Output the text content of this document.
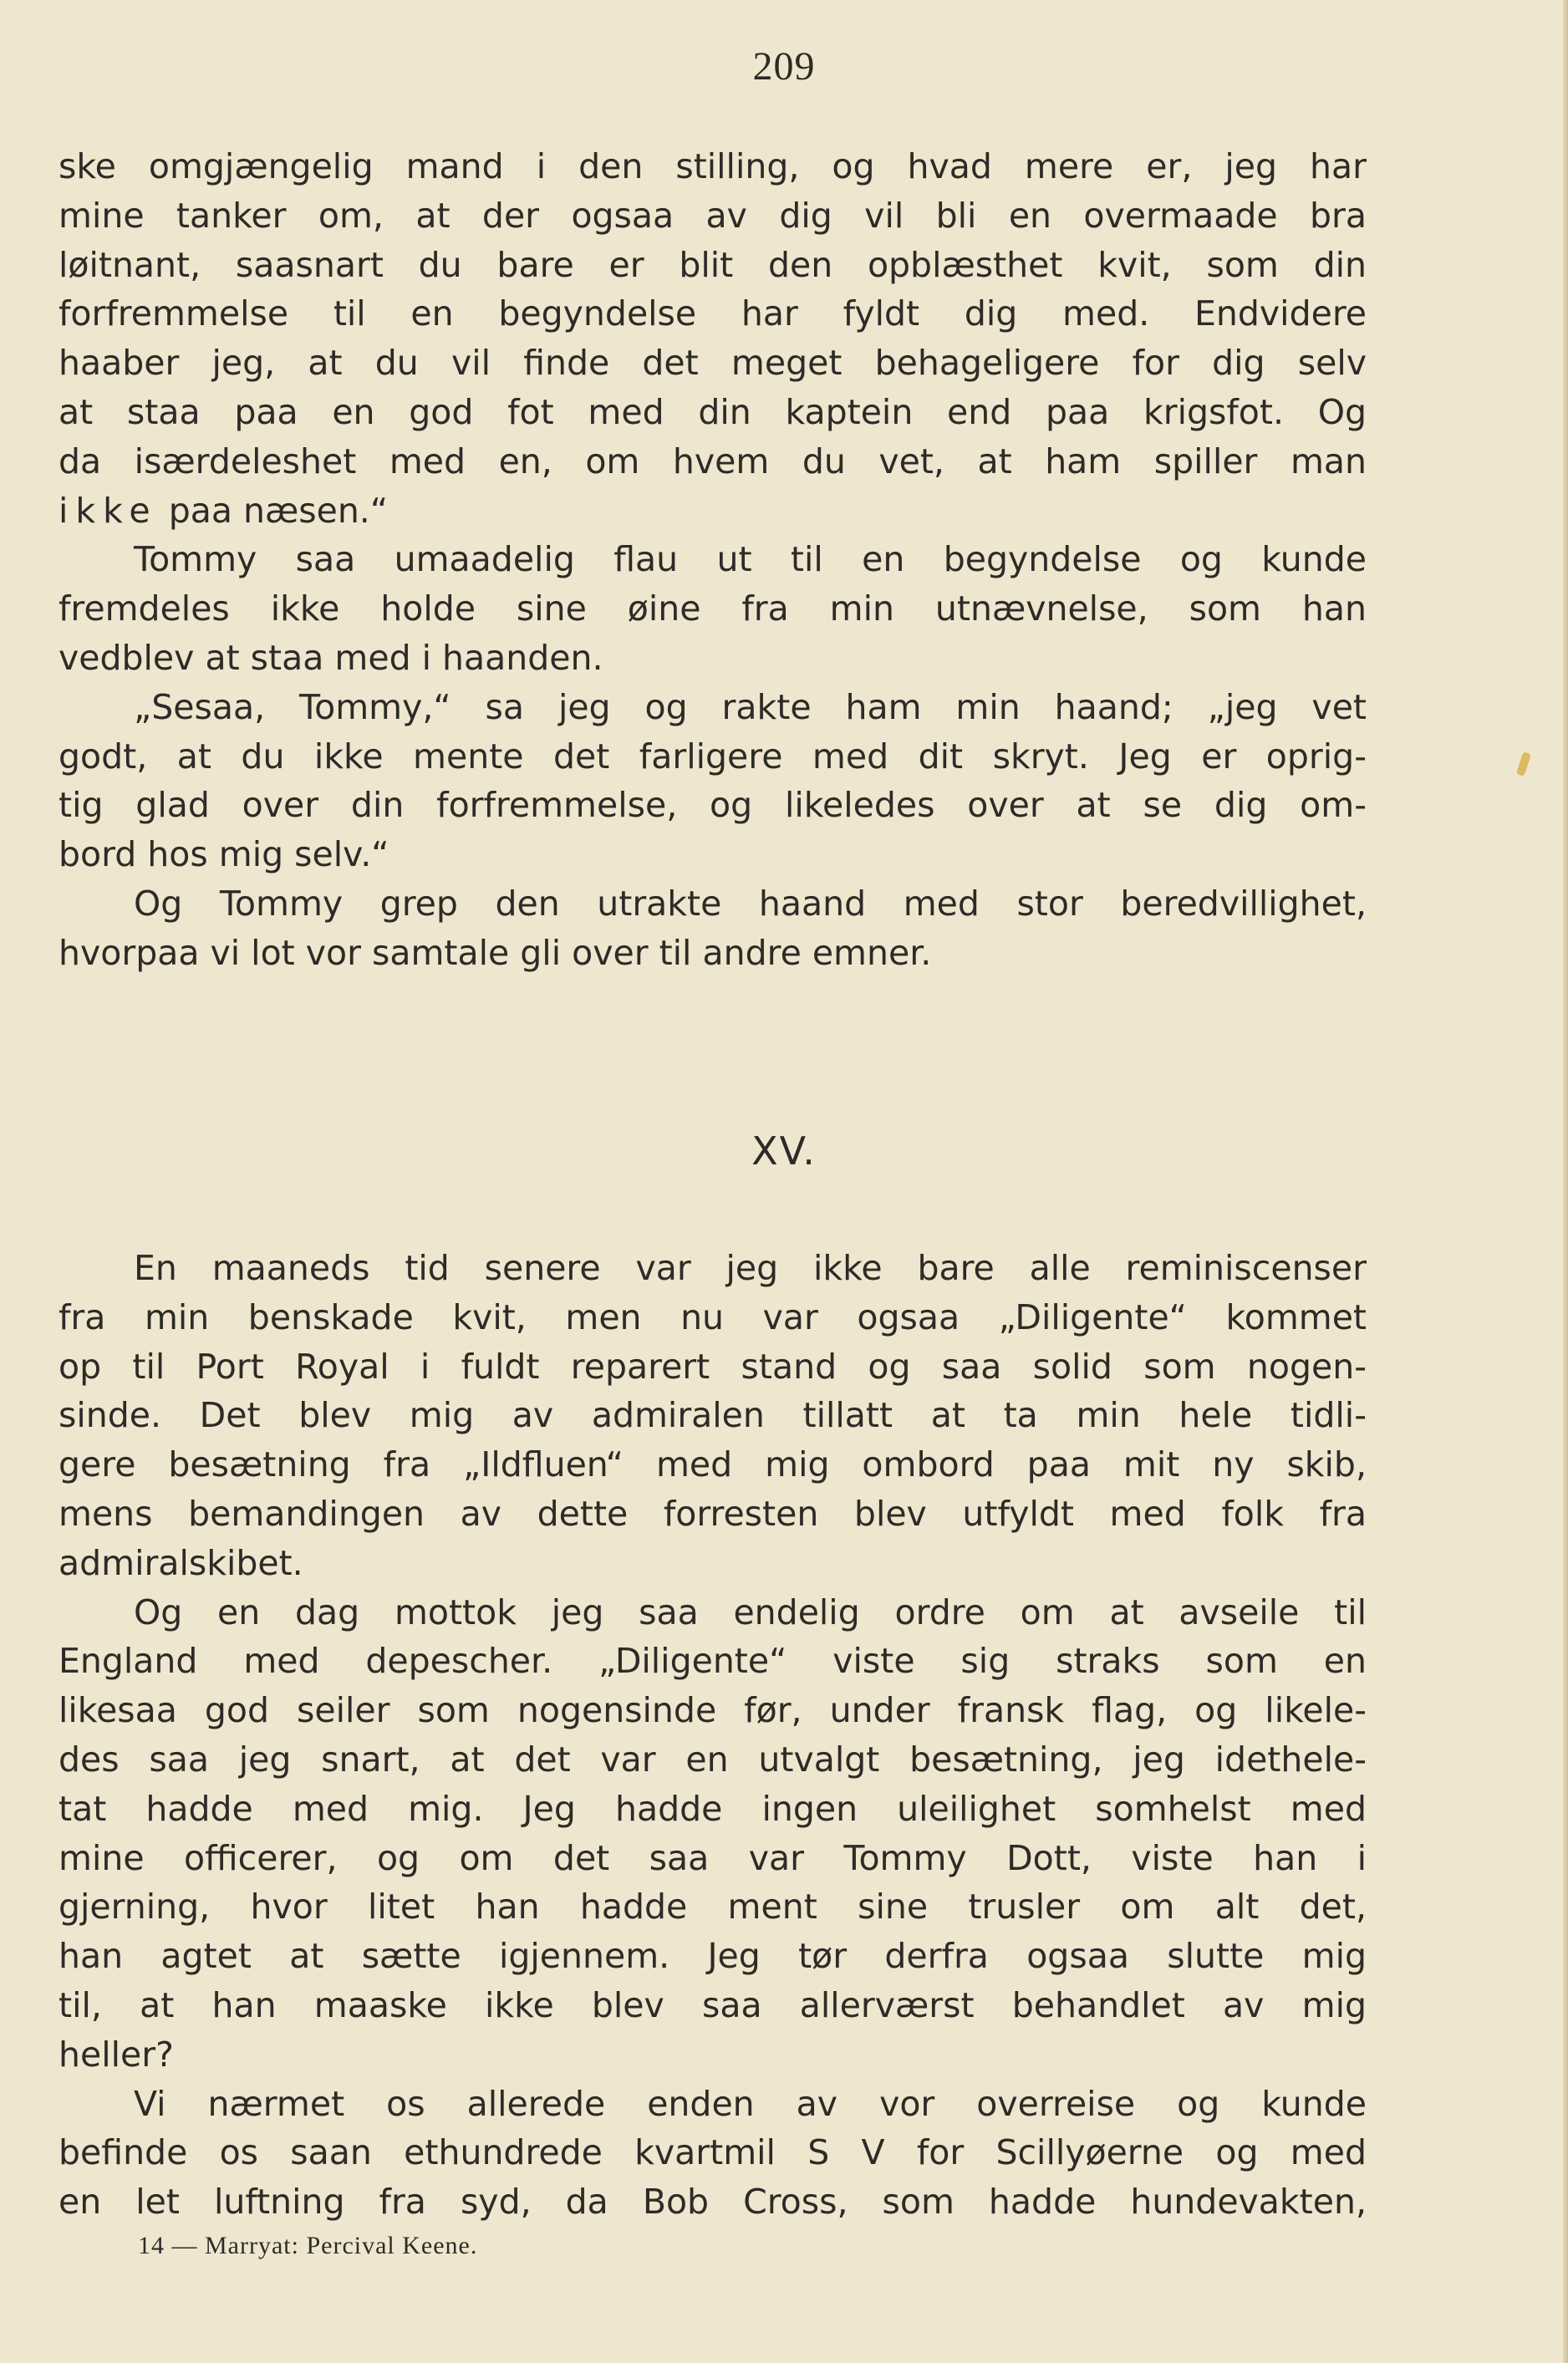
209
ske omgjængelig mand i den stilling, og hvad mere er, jeg har
mine tanker om, at der ogsaa av dig vil bli en overmaade bra
løitnant, saasnart du bare er blit den opblæsthet kvit, som din
forfremmelse til en begyndelse har fyldt dig med. Endvidere
haaber jeg, at du vil finde det meget behageligere for dig selv
at staa paa en god fot med din kaptein end paa krigsfot. Og
da isærdeleshet med en, om hvem du vet, at ham spiller man
ikke paa næsen.“
Tommy saa umaadelig flau ut til en begyndelse og kunde
fremdeles ikke holde sine øine fra min utnævnelse, som han
vedblev at staa med i haanden.
„Sesaa, Tommy,“ sa jeg og rakte ham min haand; „jeg vet
godt, at du ikke mente det farligere med dit skryt. Jeg er oprig-
tig glad over din forfremmelse, og likeledes over at se dig om-
bord hos mig selv.“
Og Tommy grep den utrakte haand med stor beredvillighet,
hvorpaa vi lot vor samtale gli over til andre emner.
XV.
En maaneds tid senere var jeg ikke bare alle reminiscenser
fra min benskade kvit, men nu var ogsaa „Diligente“ kommet
op til Port Royal i fuldt reparert stand og saa solid som nogen-
sinde. Det blev mig av admiralen tillatt at ta min hele tidli-
gere besætning fra „Ildfluen“ med mig ombord paa mit ny skib,
mens bemandingen av dette forresten blev utfyldt med folk fra
admiralskibet.
Og en dag mottok jeg saa endelig ordre om at avseile til
England med depescher. „Diligente“ viste sig straks som en
likesaa god seiler som nogensinde før, under fransk flag, og likele-
des saa jeg snart, at det var en utvalgt besætning, jeg idethele-
tat hadde med mig. Jeg hadde ingen uleilighet somhelst med
mine officerer, og om det saa var Tommy Dott, viste han i
gjerning, hvor litet han hadde ment sine trusler om alt det,
han agtet at sætte igjennem. Jeg tør derfra ogsaa slutte mig
til, at han maaske ikke blev saa allerværst behandlet av mig
heller?
Vi nærmet os allerede enden av vor overreise og kunde
befinde os saan ethundrede kvartmil S V for Scillyøerne og med
en let luftning fra syd, da Bob Cross, som hadde hundevakten,
14 — Marryat: Percival Keene.
